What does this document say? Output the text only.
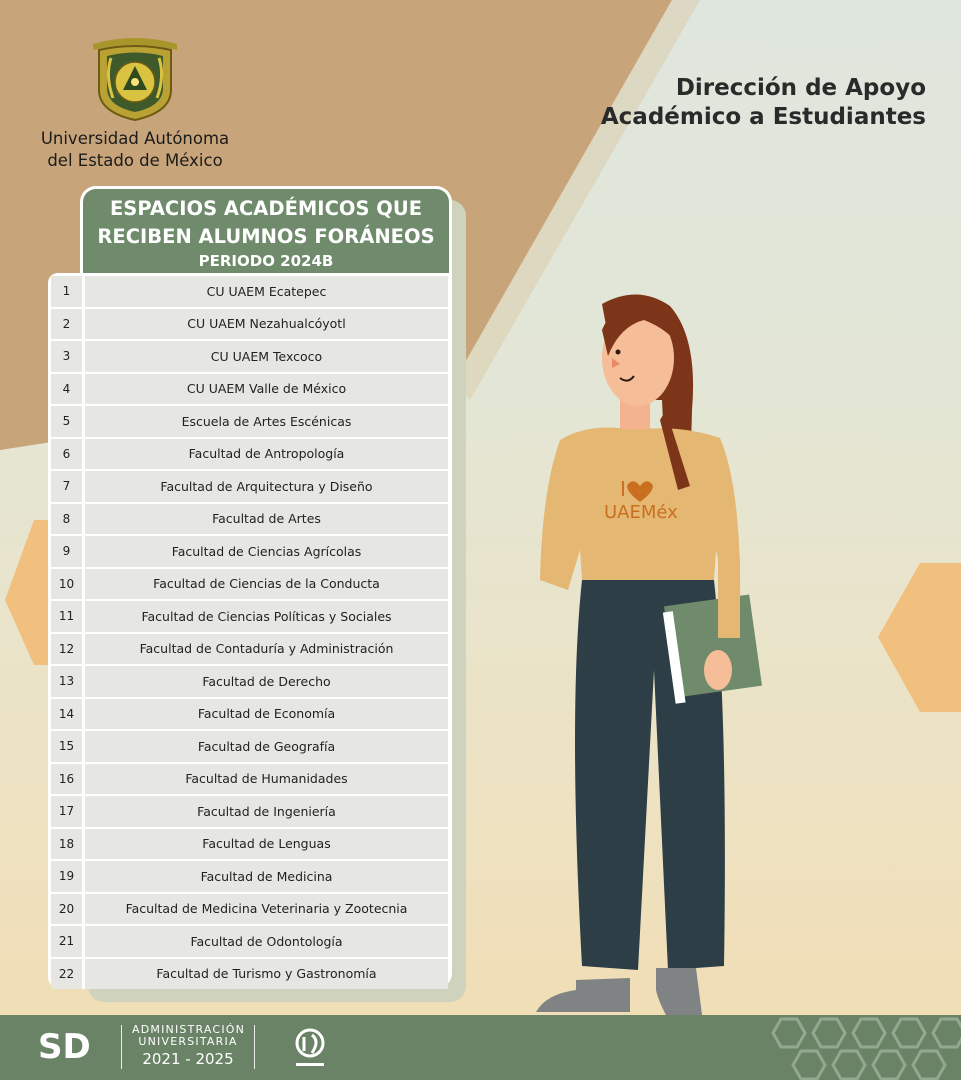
Universidad Autónoma
del Estado de México
Dirección de Apoyo
Académico a Estudiantes
ESPACIOS ACADÉMICOS QUE
RECIBEN ALUMNOS FORÁNEOS
PERIODO 2024B
1	CU UAEM Ecatepec
2	CU UAEM Nezahualcóyotl
3	CU UAEM Texcoco
4	CU UAEM Valle de México
5	Escuela de Artes Escénicas
6	Facultad de Antropología
7	Facultad de Arquitectura y Diseño
8	Facultad de Artes
9	Facultad de Ciencias Agrícolas
10	Facultad de Ciencias de la Conducta
11	Facultad de Ciencias Políticas y Sociales
12	Facultad de Contaduría y Administración
13	Facultad de Derecho
14	Facultad de Economía
15	Facultad de Geografía
16	Facultad de Humanidades
17	Facultad de Ingeniería
18	Facultad de Lenguas
19	Facultad de Medicina
20	Facultad de Medicina Veterinaria y Zootecnia
21	Facultad de Odontología
22	Facultad de Turismo y Gastronomía
I
UAEMéx
SD	ADMINISTRACIÓN
UNIVERSITARIA
2021 - 2025
